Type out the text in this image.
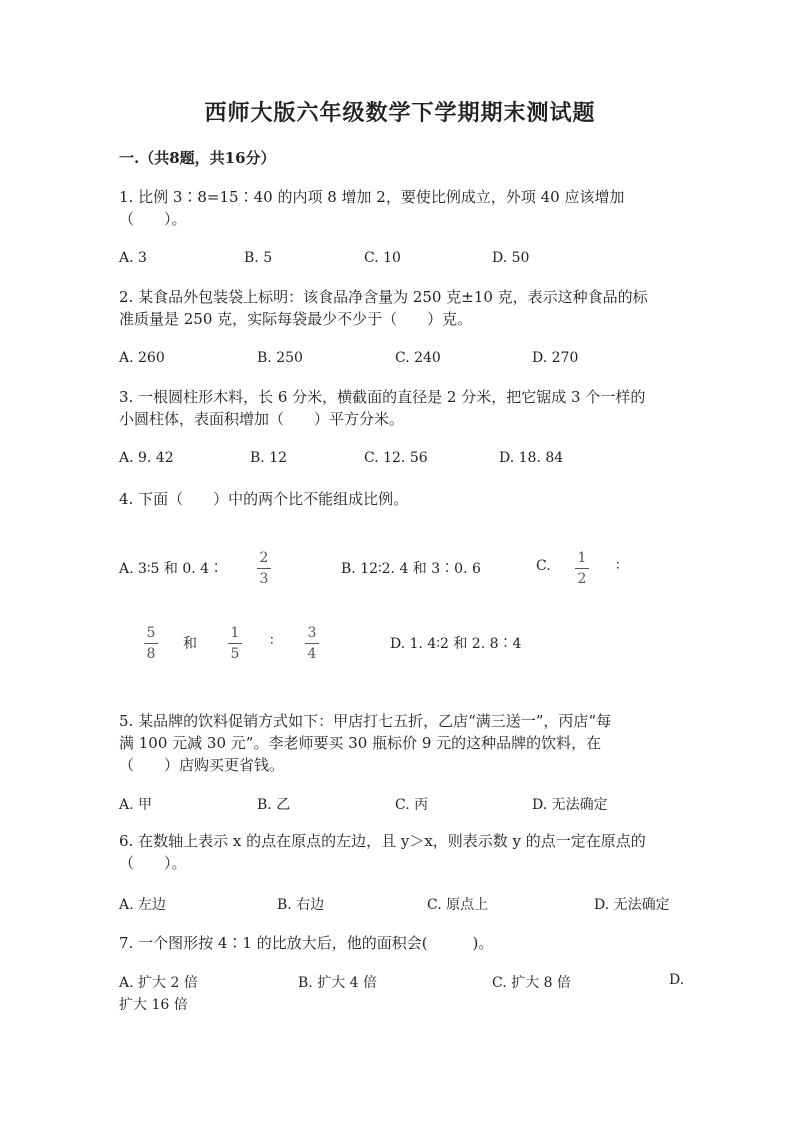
西师大版六年级数学下学期期末测试题
一.（共8题，共16分）
1. 比例 3∶8=15∶40 的内项 8 增加 2，要使比例成立，外项 40 应该增加
（　　）。
A. 3	B. 5	C. 10	D. 50
2. 某食品外包装袋上标明：该食品净含量为 250 克±10 克，表示这种食品的标
准质量是 250 克，实际每袋最少不少于（　　）克。
A. 260	B. 250	C. 240	D. 270
3. 一根圆柱形木料，长 6 分米，横截面的直径是 2 分米，把它锯成 3 个一样的
小圆柱体，表面积增加（　　）平方分米。
A. 9. 42	B. 12	C. 12. 56	D. 18. 84
4. 下面（　　）中的两个比不能组成比例。
A. 3∶5 和 0. 4∶
2
3
B. 12∶2. 4 和 3∶0. 6	C. 1
2
∶
5
8
和
1
5
∶ 3
4
D. 1. 4∶2 和 2. 8∶4
5. 某品牌的饮料促销方式如下：甲店打七五折，乙店“满三送一”，丙店“每
满 100 元减 30 元”。李老师要买 30 瓶标价 9 元的这种品牌的饮料，在
（　　）店购买更省钱。
A. 甲	B. 乙	C. 丙	D. 无法确定
6. 在数轴上表示 x 的点在原点的左边，且 y＞x，则表示数 y 的点一定在原点的
（　　）。
A. 左边	B. 右边	C. 原点上	D. 无法确定
7. 一个图形按 4∶1 的比放大后，他的面积会(　　　)。
A. 扩大 2 倍	B. 扩大 4 倍	C. 扩大 8 倍	D.
扩大 16 倍
